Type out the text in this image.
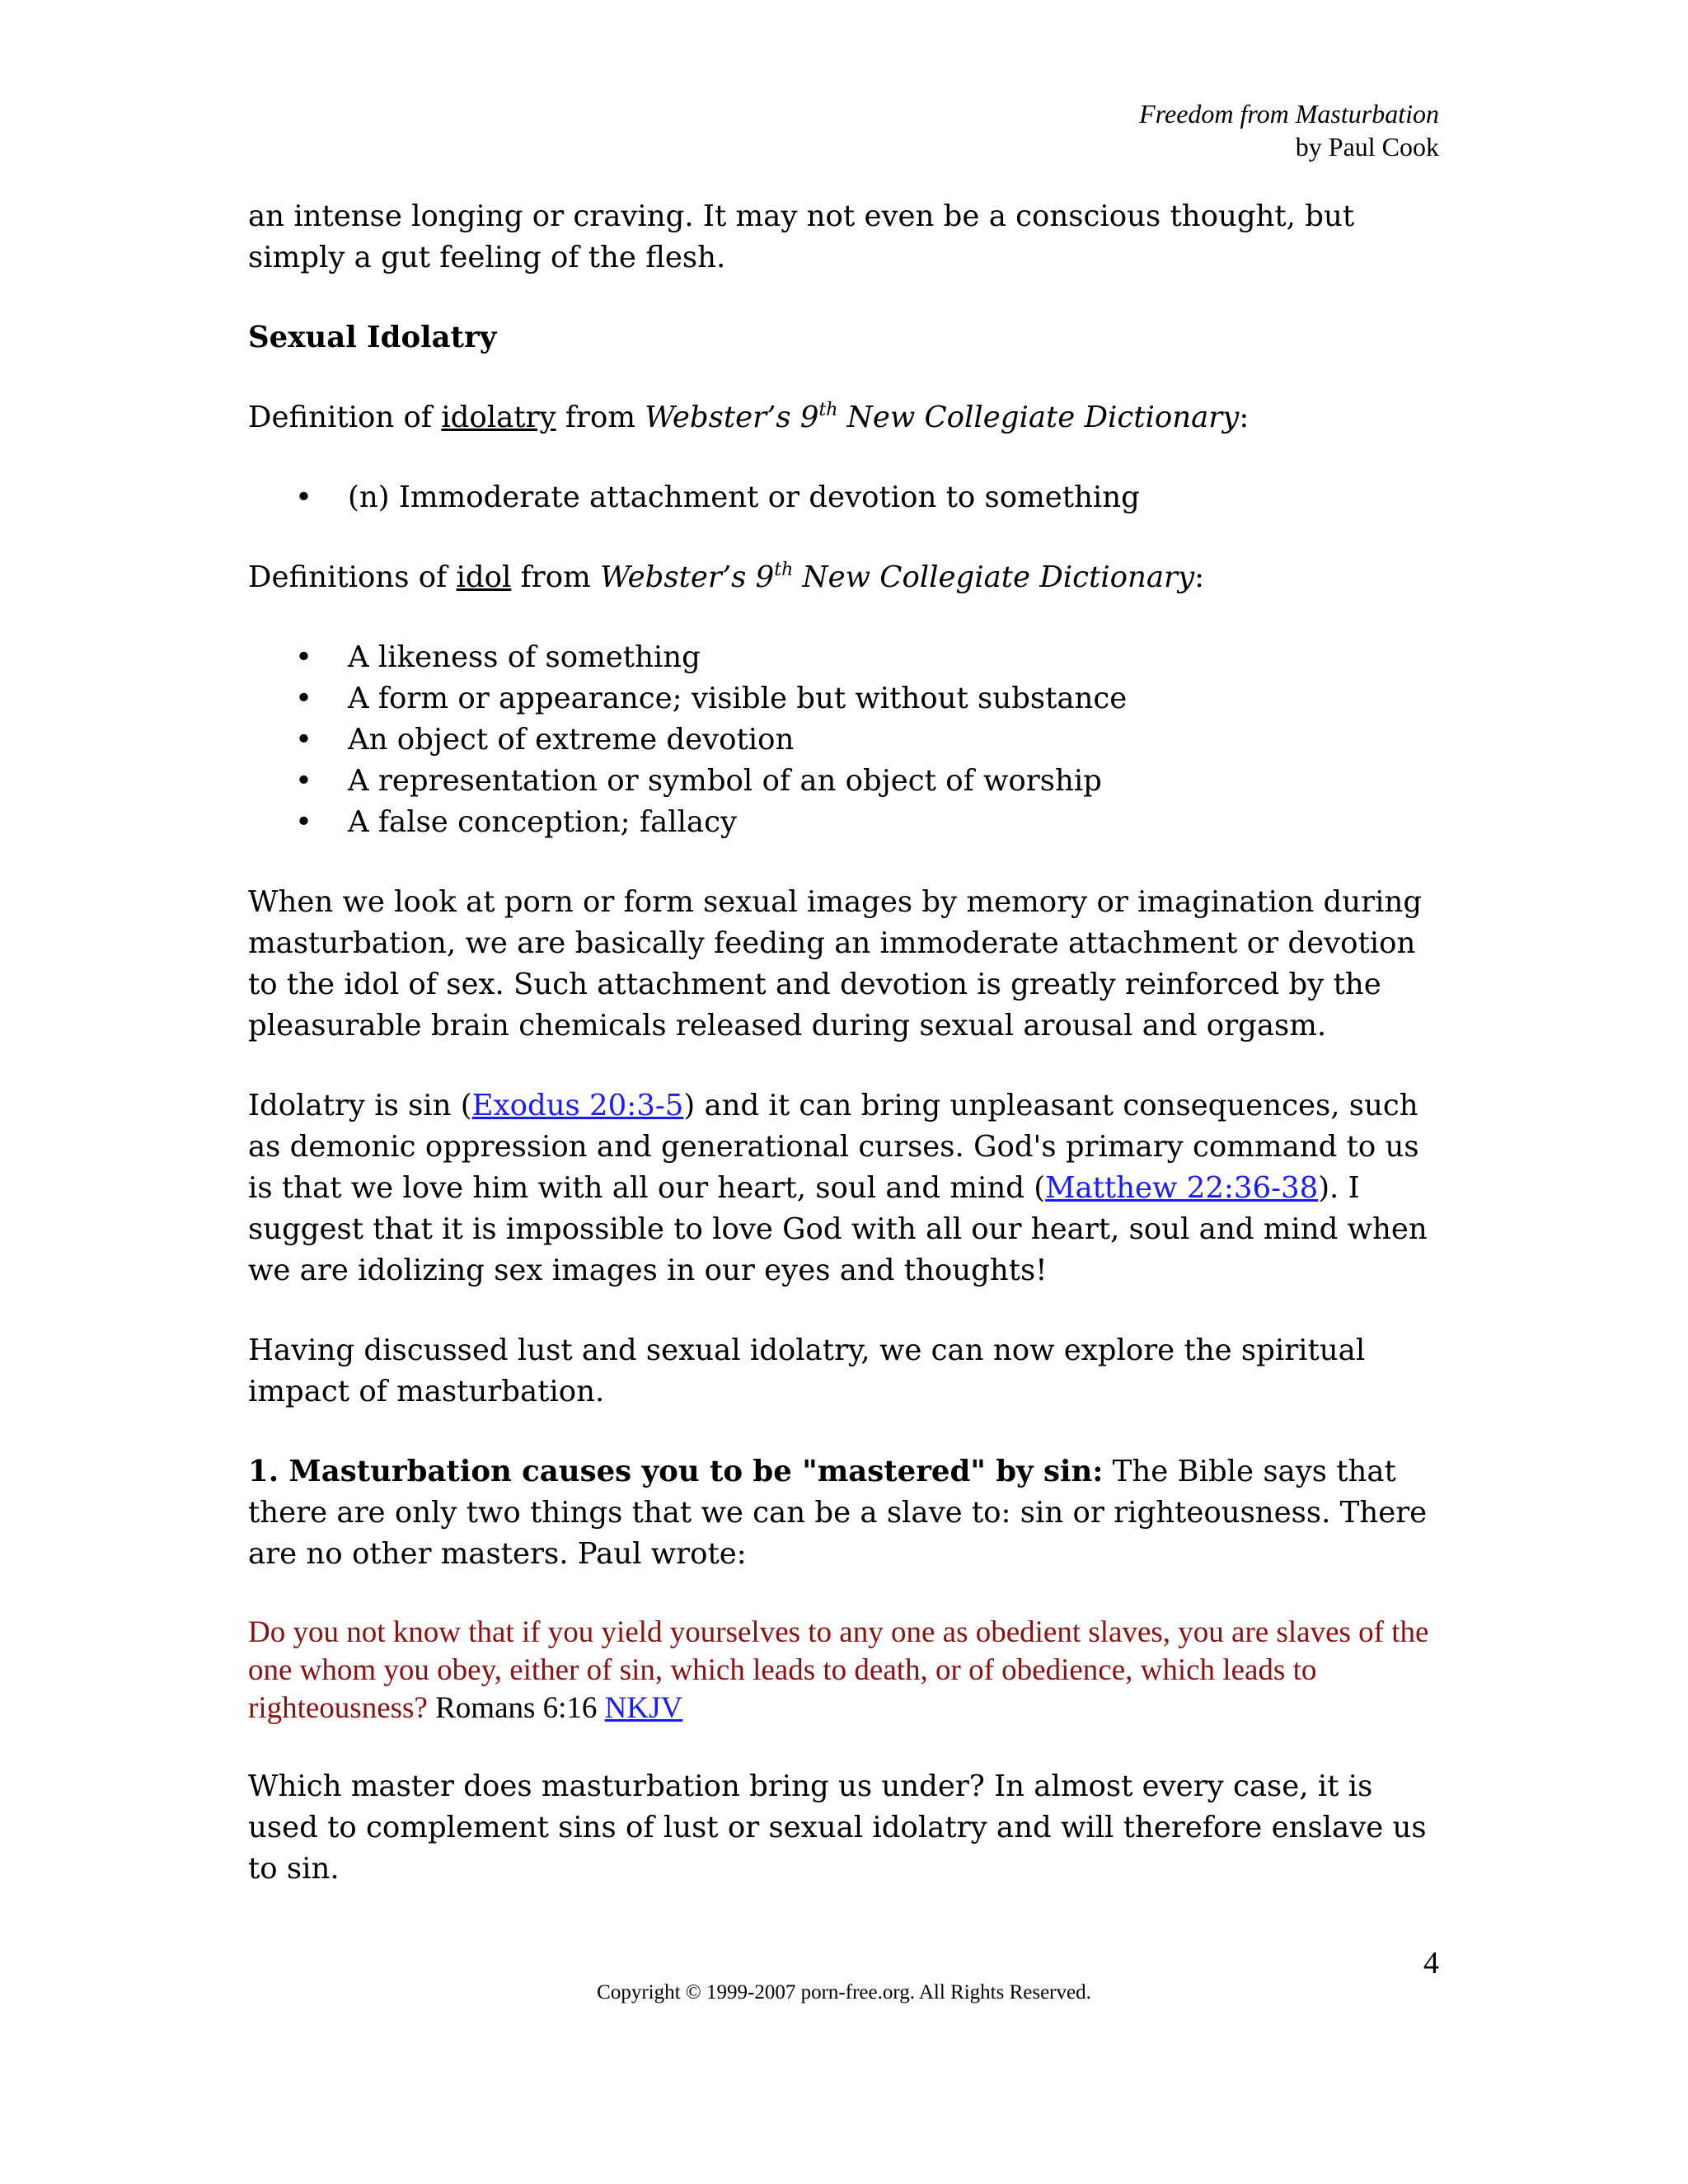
Freedom from Masturbation
by Paul Cook

an intense longing or craving. It may not even be a conscious thought, but simply a gut feeling of the flesh.

Sexual Idolatry

Definition of idolatry from Webster’s 9th New Collegiate Dictionary:

• (n) Immoderate attachment or devotion to something

Definitions of idol from Webster’s 9th New Collegiate Dictionary:

• A likeness of something
• A form or appearance; visible but without substance
• An object of extreme devotion
• A representation or symbol of an object of worship
• A false conception; fallacy

When we look at porn or form sexual images by memory or imagination during masturbation, we are basically feeding an immoderate attachment or devotion to the idol of sex. Such attachment and devotion is greatly reinforced by the pleasurable brain chemicals released during sexual arousal and orgasm.

Idolatry is sin (Exodus 20:3-5) and it can bring unpleasant consequences, such as demonic oppression and generational curses. God's primary command to us is that we love him with all our heart, soul and mind (Matthew 22:36-38). I suggest that it is impossible to love God with all our heart, soul and mind when we are idolizing sex images in our eyes and thoughts!

Having discussed lust and sexual idolatry, we can now explore the spiritual impact of masturbation.

1. Masturbation causes you to be "mastered" by sin: The Bible says that there are only two things that we can be a slave to: sin or righteousness. There are no other masters. Paul wrote:

Do you not know that if you yield yourselves to any one as obedient slaves, you are slaves of the one whom you obey, either of sin, which leads to death, or of obedience, which leads to righteousness? Romans 6:16 NKJV

Which master does masturbation bring us under? In almost every case, it is used to complement sins of lust or sexual idolatry and will therefore enslave us to sin.

4
Copyright © 1999-2007 porn-free.org. All Rights Reserved.
